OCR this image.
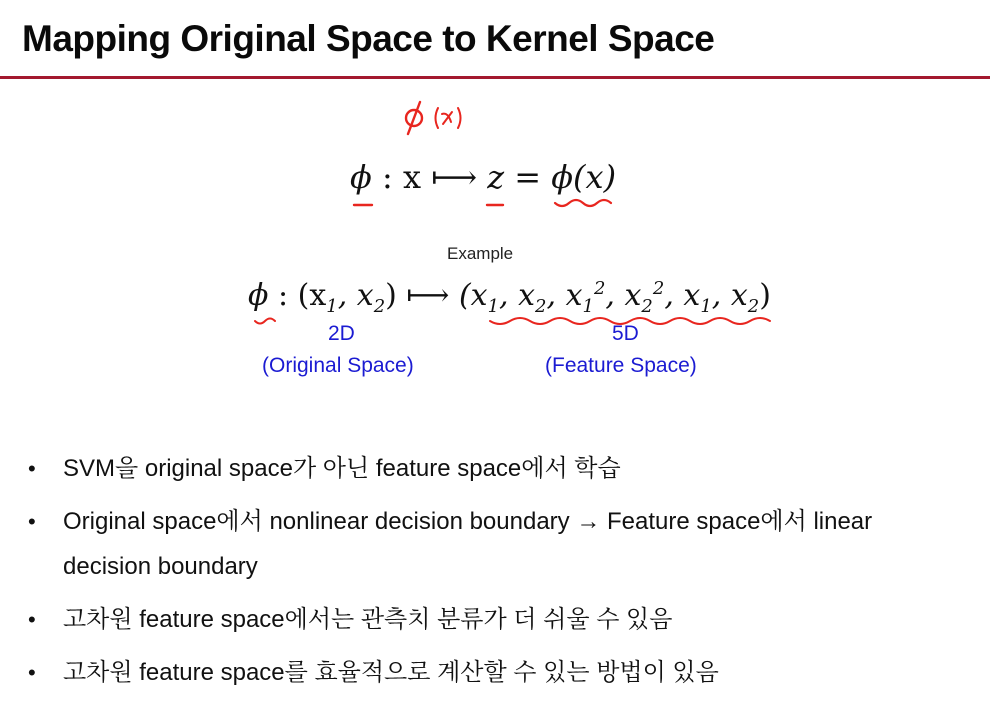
Mapping Original Space to Kernel Space
ϕ : x ⟼ z = ϕ(x)
Example
ϕ : ($x_1$, $x_2$) ⟼ ($x_1$, $x_2$, $x_1^2$, $x_2^2$, $x_1$, $x_2$)
2D
(Original Space)
5D
(Feature Space)
• SVM을 original space가 아닌 feature space에서 학습
• Original space에서 nonlinear decision boundary → Feature space에서 linear decision boundary
• 고차원 feature space에서는 관측치 분류가 더 쉬울 수 있음
• 고차원 feature space를 효율적으로 계산할 수 있는 방법이 있음
